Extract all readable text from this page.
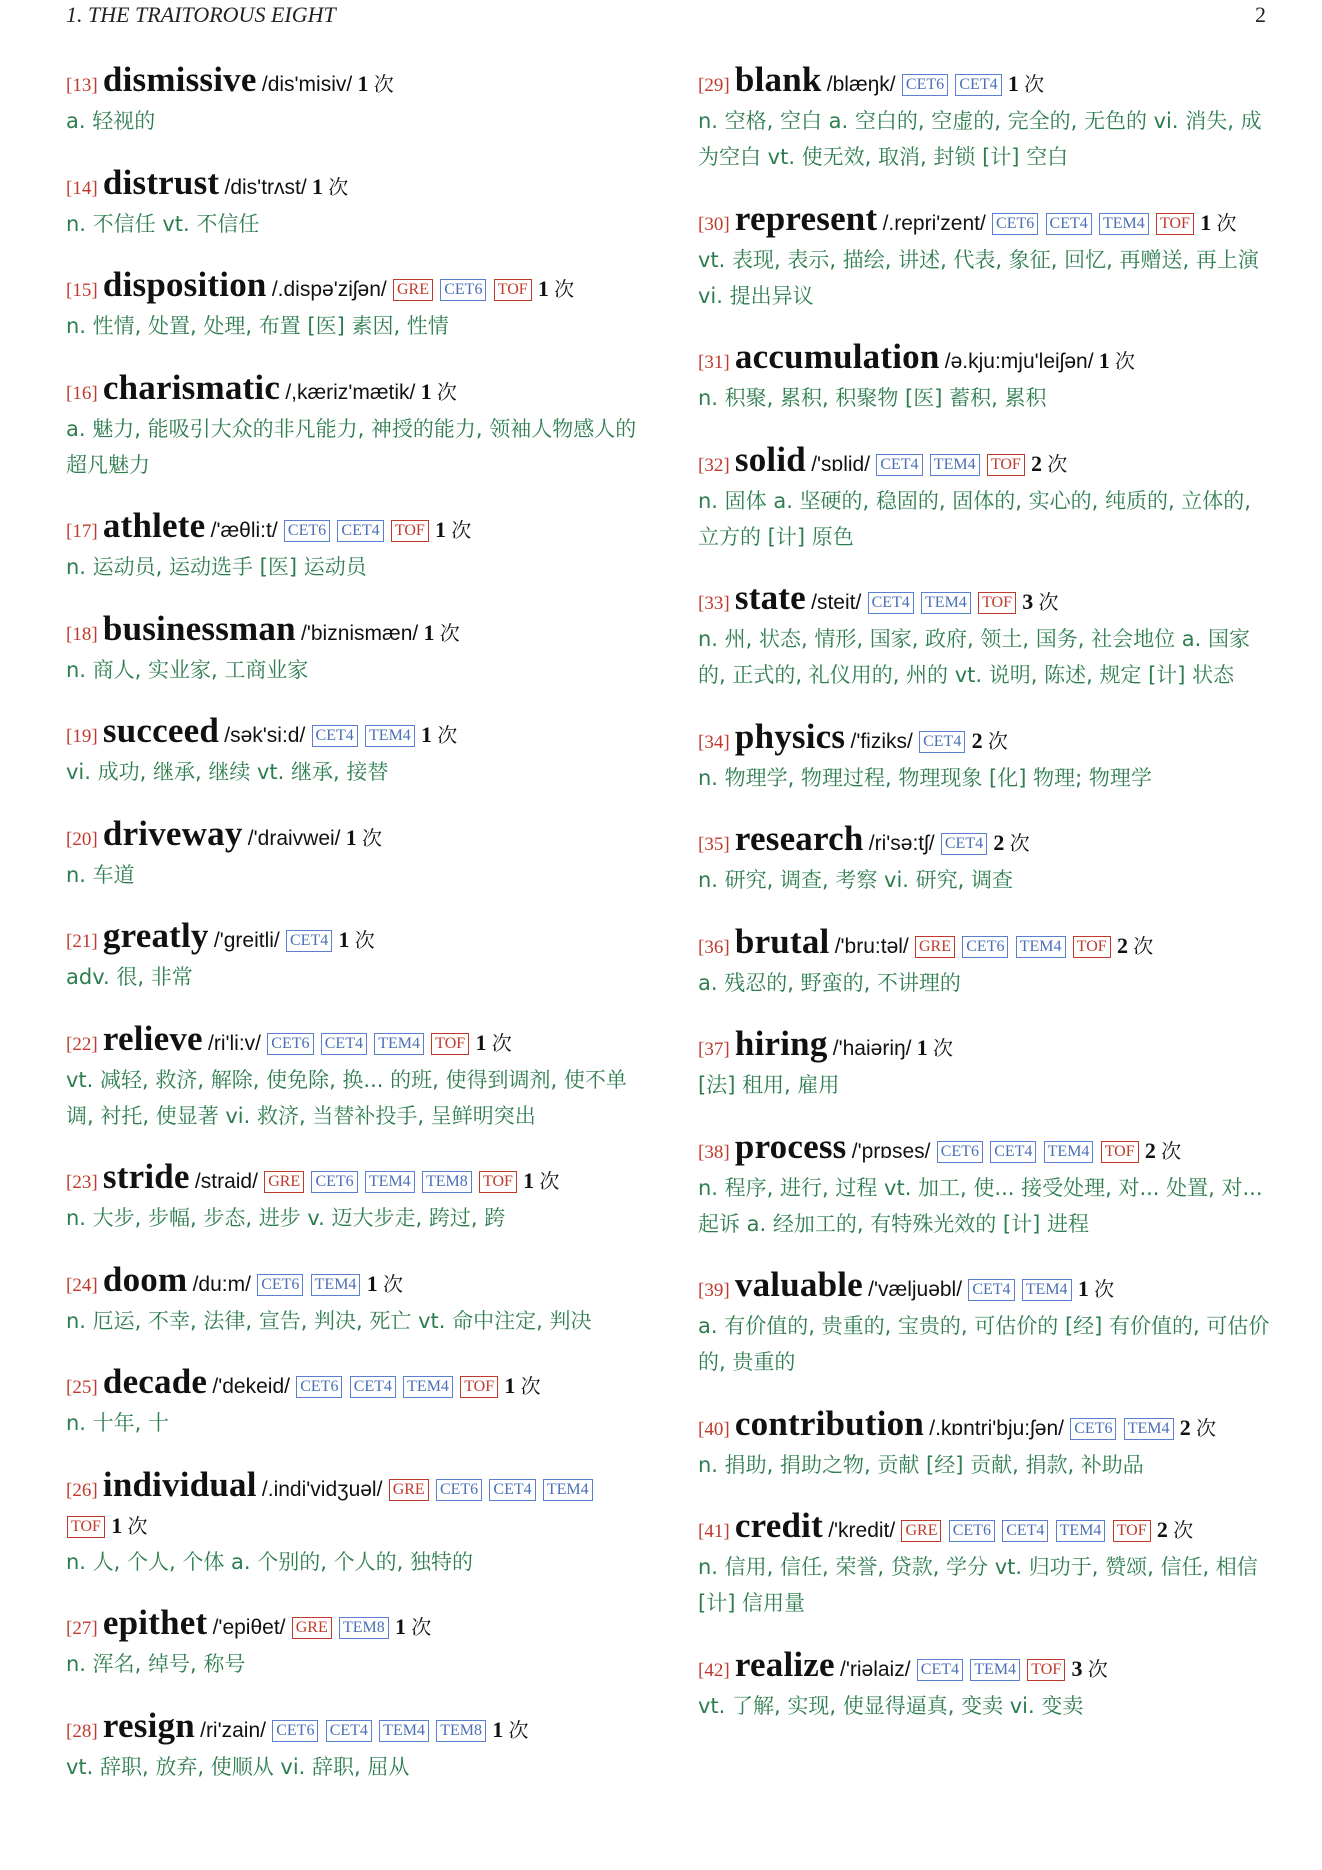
1. THE TRAITOROUS EIGHT	2
[13] dismissive /dis'misiv/ 1 次
a. 轻视的
[14] distrust /dis'trʌst/ 1 次
n. 不信任 vt. 不信任
[15] disposition /.dispə'ziʃən/ GRE CET6 TOF 1 次
n. 性情, 处置, 处理, 布置 [医] 素因, 性情
[16] charismatic /,kæriz'mætik/ 1 次
a. 魅力, 能吸引大众的非凡能力, 神授的能力, 领袖人物感人的超凡魅力
[17] athlete /'æθli:t/ CET6 CET4 TOF 1 次
n. 运动员, 运动选手 [医] 运动员
[18] businessman /'biznismæn/ 1 次
n. 商人, 实业家, 工商业家
[19] succeed /sək'si:d/ CET4 TEM4 1 次
vi. 成功, 继承, 继续 vt. 继承, 接替
[20] driveway /'draivwei/ 1 次
n. 车道
[21] greatly /'greitli/ CET4 1 次
adv. 很, 非常
[22] relieve /ri'li:v/ CET6 CET4 TEM4 TOF 1 次
vt. 减轻, 救济, 解除, 使免除, 换... 的班, 使得到调剂, 使不单调, 衬托, 使显著 vi. 救济, 当替补投手, 呈鲜明突出
[23] stride /straid/ GRE CET6 TEM4 TEM8 TOF 1 次
n. 大步, 步幅, 步态, 进步 v. 迈大步走, 跨过, 跨
[24] doom /du:m/ CET6 TEM4 1 次
n. 厄运, 不幸, 法律, 宣告, 判决, 死亡 vt. 命中注定, 判决
[25] decade /'dekeid/ CET6 CET4 TEM4 TOF 1 次
n. 十年, 十
[26] individual /.indi'vidʒuəl/ GRE CET6 CET4 TEM4 TOF 1 次
n. 人, 个人, 个体 a. 个别的, 个人的, 独特的
[27] epithet /'epiθet/ GRE TEM8 1 次
n. 浑名, 绰号, 称号
[28] resign /ri'zain/ CET6 CET4 TEM4 TEM8 1 次
vt. 辞职, 放弃, 使顺从 vi. 辞职, 屈从
[29] blank /blæŋk/ CET6 CET4 1 次
n. 空格, 空白 a. 空白的, 空虚的, 完全的, 无色的 vi. 消失, 成为空白 vt. 使无效, 取消, 封锁 [计] 空白
[30] represent /.repri'zent/ CET6 CET4 TEM4 TOF 1 次
vt. 表现, 表示, 描绘, 讲述, 代表, 象征, 回忆, 再赠送, 再上演 vi. 提出异议
[31] accumulation /ə.kju:mju'leiʃən/ 1 次
n. 积聚, 累积, 积聚物 [医] 蓄积, 累积
[32] solid /'sɒlid/ CET4 TEM4 TOF 2 次
n. 固体 a. 坚硬的, 稳固的, 固体的, 实心的, 纯质的, 立体的, 立方的 [计] 原色
[33] state /steit/ CET4 TEM4 TOF 3 次
n. 州, 状态, 情形, 国家, 政府, 领土, 国务, 社会地位 a. 国家的, 正式的, 礼仪用的, 州的 vt. 说明, 陈述, 规定 [计] 状态
[34] physics /'fiziks/ CET4 2 次
n. 物理学, 物理过程, 物理现象 [化] 物理; 物理学
[35] research /ri'sə:tʃ/ CET4 2 次
n. 研究, 调查, 考察 vi. 研究, 调查
[36] brutal /'bru:təl/ GRE CET6 TEM4 TOF 2 次
a. 残忍的, 野蛮的, 不讲理的
[37] hiring /'haiəriŋ/ 1 次
[法] 租用, 雇用
[38] process /'prɒses/ CET6 CET4 TEM4 TOF 2 次
n. 程序, 进行, 过程 vt. 加工, 使... 接受处理, 对... 处置, 对... 起诉 a. 经加工的, 有特殊光效的 [计] 进程
[39] valuable /'væljuəbl/ CET4 TEM4 1 次
a. 有价值的, 贵重的, 宝贵的, 可估价的 [经] 有价值的, 可估价的, 贵重的
[40] contribution /.kɒntri'bju:ʃən/ CET6 TEM4 2 次
n. 捐助, 捐助之物, 贡献 [经] 贡献, 捐款, 补助品
[41] credit /'kredit/ GRE CET6 CET4 TEM4 TOF 2 次
n. 信用, 信任, 荣誉, 贷款, 学分 vt. 归功于, 赞颂, 信任, 相信 [计] 信用量
[42] realize /'riəlaiz/ CET4 TEM4 TOF 3 次
vt. 了解, 实现, 使显得逼真, 变卖 vi. 变卖
